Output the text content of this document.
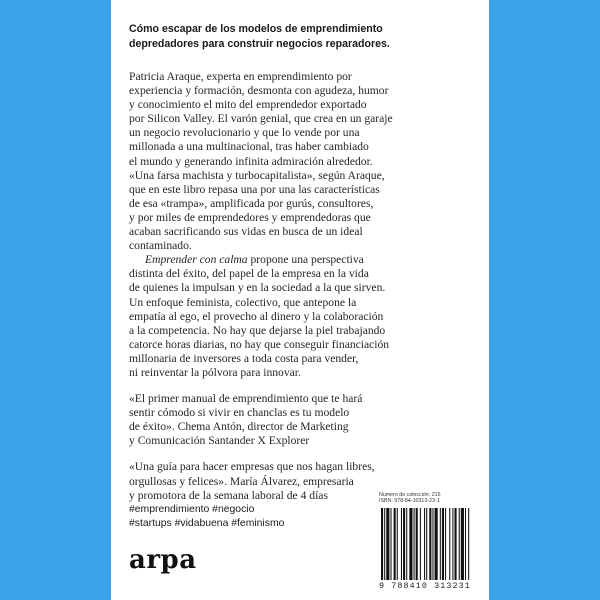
Cómo escapar de los modelos de emprendimiento
depredadores para construir negocios reparadores.

Patricia Araque, experta en emprendimiento por
experiencia y formación, desmonta con agudeza, humor
y conocimiento el mito del emprendedor exportado
por Silicon Valley. El varón genial, que crea en un garaje
un negocio revolucionario y que lo vende por una
millonada a una multinacional, tras haber cambiado
el mundo y generando infinita admiración alrededor.
«Una farsa machista y turbocapitalista», según Araque,
que en este libro repasa una por una las características
de esa «trampa», amplificada por gurús, consultores,
y por miles de emprendedores y emprendedoras que
acaban sacrificando sus vidas en busca de un ideal
contaminado.

Emprender con calma propone una perspectiva
distinta del éxito, del papel de la empresa en la vida
de quienes la impulsan y en la sociedad a la que sirven.
Un enfoque feminista, colectivo, que antepone la
empatía al ego, el provecho al dinero y la colaboración
a la competencia. No hay que dejarse la piel trabajando
catorce horas diarias, no hay que conseguir financiación
millonaria de inversores a toda costa para vender,
ni reinventar la pólvora para innovar.

«El primer manual de emprendimiento que te hará
sentir cómodo si vivir en chanclas es tu modelo
de éxito». Chema Antón, director de Marketing
y Comunicación Santander X Explorer

«Una guía para hacer empresas que nos hagan libres,
orgullosas y felices». María Álvarez, empresaria
y promotora de la semana laboral de 4 días

#emprendimiento #negocio
#startups #vidabuena #feminismo
arpa
Numero de colección: 215
ISBN: 978-84-10313-23-1
9 788410 313231
